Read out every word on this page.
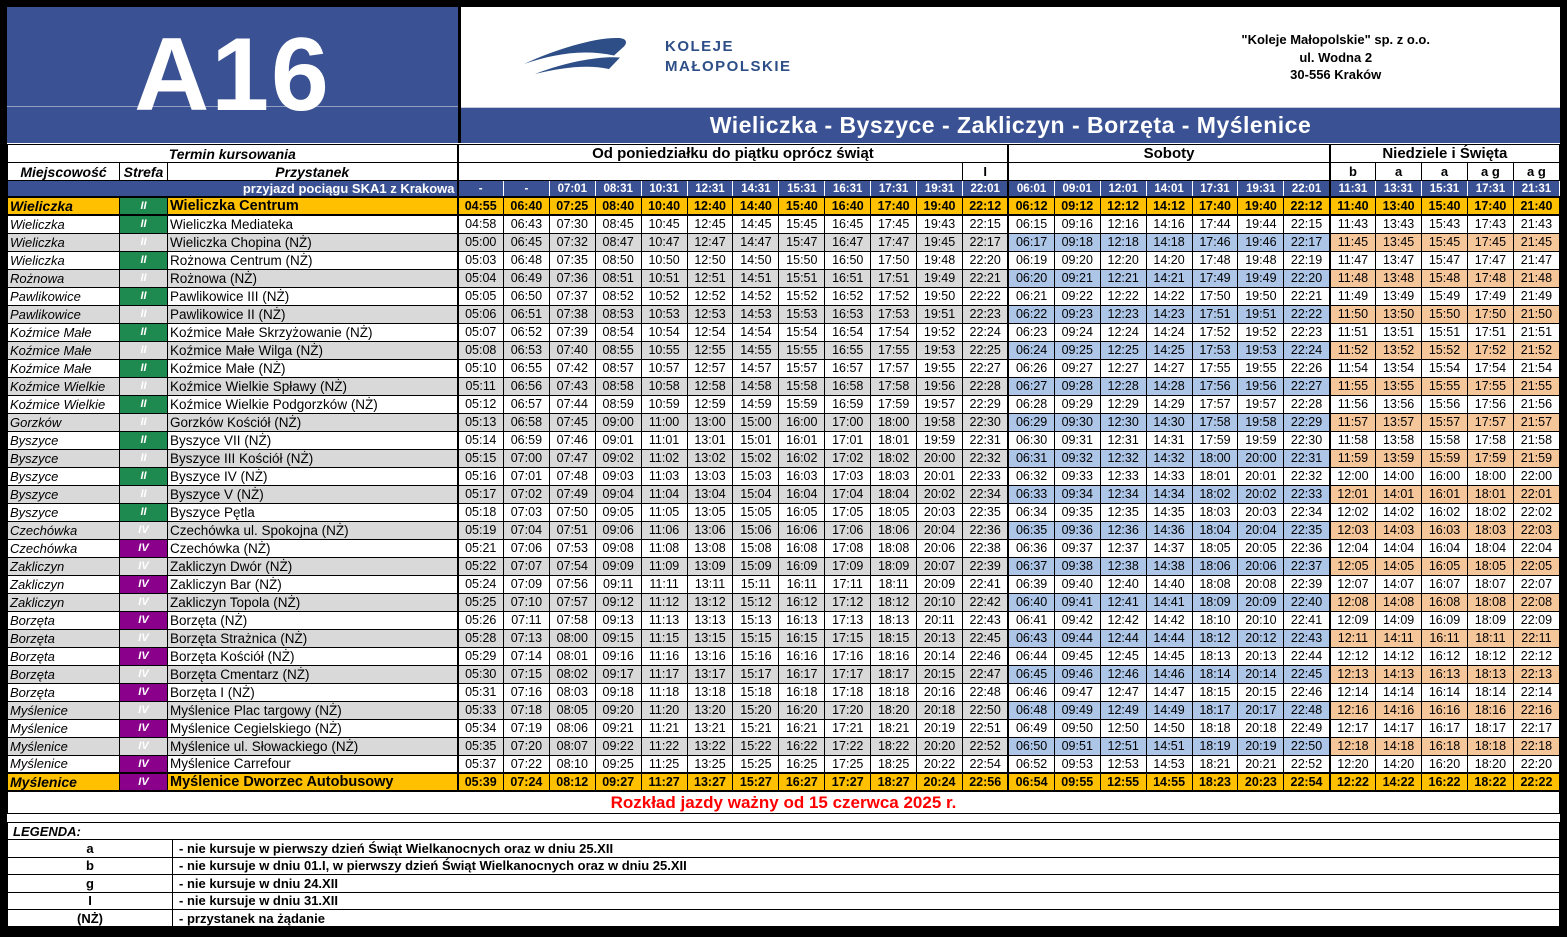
A16	KOLEJE
MAŁOPOLSKIE
"Koleje Małopolskie" sp. z o.o.
ul. Wodna 2
30-556 Kraków
Wieliczka - Byszyce - Zakliczyn - Borzęta - Myślenice
Termin kursowania			Od poniedziałku do piątku oprócz świąt												Soboty							Niedziele i Święta				
Miejscowość	Strefa	Przystanek												I								b	a	a	a g	a g
przyjazd pociągu SKA1 z Krakowa			-	-	07:01	08:31	10:31	12:31	14:31	15:31	16:31	17:31	19:31	22:01	06:01	09:01	12:01	14:01	17:31	19:31	22:01	11:31	13:31	15:31	17:31	21:31
Wieliczka	II	Wieliczka Centrum	04:55	06:40	07:25	08:40	10:40	12:40	14:40	15:40	16:40	17:40	19:40	22:12	06:12	09:12	12:12	14:12	17:40	19:40	22:12	11:40	13:40	15:40	17:40	21:40
Wieliczka	II	Wieliczka Mediateka	04:58	06:43	07:30	08:45	10:45	12:45	14:45	15:45	16:45	17:45	19:43	22:15	06:15	09:16	12:16	14:16	17:44	19:44	22:15	11:43	13:43	15:43	17:43	21:43
Wieliczka	II	Wieliczka Chopina (NŻ)	05:00	06:45	07:32	08:47	10:47	12:47	14:47	15:47	16:47	17:47	19:45	22:17	06:17	09:18	12:18	14:18	17:46	19:46	22:17	11:45	13:45	15:45	17:45	21:45
Wieliczka	II	Rożnowa Centrum (NŻ)	05:03	06:48	07:35	08:50	10:50	12:50	14:50	15:50	16:50	17:50	19:48	22:20	06:19	09:20	12:20	14:20	17:48	19:48	22:19	11:47	13:47	15:47	17:47	21:47
Rożnowa	II	Rożnowa (NŻ)	05:04	06:49	07:36	08:51	10:51	12:51	14:51	15:51	16:51	17:51	19:49	22:21	06:20	09:21	12:21	14:21	17:49	19:49	22:20	11:48	13:48	15:48	17:48	21:48
Pawlikowice	II	Pawlikowice III (NŻ)	05:05	06:50	07:37	08:52	10:52	12:52	14:52	15:52	16:52	17:52	19:50	22:22	06:21	09:22	12:22	14:22	17:50	19:50	22:21	11:49	13:49	15:49	17:49	21:49
Pawlikowice	II	Pawlikowice II (NŻ)	05:06	06:51	07:38	08:53	10:53	12:53	14:53	15:53	16:53	17:53	19:51	22:23	06:22	09:23	12:23	14:23	17:51	19:51	22:22	11:50	13:50	15:50	17:50	21:50
Koźmice Małe	II	Koźmice Małe Skrzyżowanie (NŻ)	05:07	06:52	07:39	08:54	10:54	12:54	14:54	15:54	16:54	17:54	19:52	22:24	06:23	09:24	12:24	14:24	17:52	19:52	22:23	11:51	13:51	15:51	17:51	21:51
Koźmice Małe	II	Koźmice Małe Wilga (NŻ)	05:08	06:53	07:40	08:55	10:55	12:55	14:55	15:55	16:55	17:55	19:53	22:25	06:24	09:25	12:25	14:25	17:53	19:53	22:24	11:52	13:52	15:52	17:52	21:52
Koźmice Małe	II	Koźmice Małe (NŻ)	05:10	06:55	07:42	08:57	10:57	12:57	14:57	15:57	16:57	17:57	19:55	22:27	06:26	09:27	12:27	14:27	17:55	19:55	22:26	11:54	13:54	15:54	17:54	21:54
Koźmice Wielkie	II	Koźmice Wielkie Spławy (NŻ)	05:11	06:56	07:43	08:58	10:58	12:58	14:58	15:58	16:58	17:58	19:56	22:28	06:27	09:28	12:28	14:28	17:56	19:56	22:27	11:55	13:55	15:55	17:55	21:55
Koźmice Wielkie	II	Koźmice Wielkie Podgorzków (NŻ)	05:12	06:57	07:44	08:59	10:59	12:59	14:59	15:59	16:59	17:59	19:57	22:29	06:28	09:29	12:29	14:29	17:57	19:57	22:28	11:56	13:56	15:56	17:56	21:56
Gorzków	II	Gorzków Kościół (NŻ)	05:13	06:58	07:45	09:00	11:00	13:00	15:00	16:00	17:00	18:00	19:58	22:30	06:29	09:30	12:30	14:30	17:58	19:58	22:29	11:57	13:57	15:57	17:57	21:57
Byszyce	II	Byszyce VII (NŻ)	05:14	06:59	07:46	09:01	11:01	13:01	15:01	16:01	17:01	18:01	19:59	22:31	06:30	09:31	12:31	14:31	17:59	19:59	22:30	11:58	13:58	15:58	17:58	21:58
Byszyce	II	Byszyce III Kościół (NŻ)	05:15	07:00	07:47	09:02	11:02	13:02	15:02	16:02	17:02	18:02	20:00	22:32	06:31	09:32	12:32	14:32	18:00	20:00	22:31	11:59	13:59	15:59	17:59	21:59
Byszyce	II	Byszyce IV (NŻ)	05:16	07:01	07:48	09:03	11:03	13:03	15:03	16:03	17:03	18:03	20:01	22:33	06:32	09:33	12:33	14:33	18:01	20:01	22:32	12:00	14:00	16:00	18:00	22:00
Byszyce	II	Byszyce V (NŻ)	05:17	07:02	07:49	09:04	11:04	13:04	15:04	16:04	17:04	18:04	20:02	22:34	06:33	09:34	12:34	14:34	18:02	20:02	22:33	12:01	14:01	16:01	18:01	22:01
Byszyce	II	Byszyce Pętla	05:18	07:03	07:50	09:05	11:05	13:05	15:05	16:05	17:05	18:05	20:03	22:35	06:34	09:35	12:35	14:35	18:03	20:03	22:34	12:02	14:02	16:02	18:02	22:02
Czechówka	IV	Czechówka ul. Spokojna (NŻ)	05:19	07:04	07:51	09:06	11:06	13:06	15:06	16:06	17:06	18:06	20:04	22:36	06:35	09:36	12:36	14:36	18:04	20:04	22:35	12:03	14:03	16:03	18:03	22:03
Czechówka	IV	Czechówka (NŻ)	05:21	07:06	07:53	09:08	11:08	13:08	15:08	16:08	17:08	18:08	20:06	22:38	06:36	09:37	12:37	14:37	18:05	20:05	22:36	12:04	14:04	16:04	18:04	22:04
Zakliczyn	IV	Zakliczyn Dwór (NŻ)	05:22	07:07	07:54	09:09	11:09	13:09	15:09	16:09	17:09	18:09	20:07	22:39	06:37	09:38	12:38	14:38	18:06	20:06	22:37	12:05	14:05	16:05	18:05	22:05
Zakliczyn	IV	Zakliczyn Bar (NŻ)	05:24	07:09	07:56	09:11	11:11	13:11	15:11	16:11	17:11	18:11	20:09	22:41	06:39	09:40	12:40	14:40	18:08	20:08	22:39	12:07	14:07	16:07	18:07	22:07
Zakliczyn	IV	Zakliczyn Topola (NŻ)	05:25	07:10	07:57	09:12	11:12	13:12	15:12	16:12	17:12	18:12	20:10	22:42	06:40	09:41	12:41	14:41	18:09	20:09	22:40	12:08	14:08	16:08	18:08	22:08
Borzęta	IV	Borzęta (NŻ)	05:26	07:11	07:58	09:13	11:13	13:13	15:13	16:13	17:13	18:13	20:11	22:43	06:41	09:42	12:42	14:42	18:10	20:10	22:41	12:09	14:09	16:09	18:09	22:09
Borzęta	IV	Borzęta Strażnica (NŻ)	05:28	07:13	08:00	09:15	11:15	13:15	15:15	16:15	17:15	18:15	20:13	22:45	06:43	09:44	12:44	14:44	18:12	20:12	22:43	12:11	14:11	16:11	18:11	22:11
Borzęta	IV	Borzęta Kościół (NŻ)	05:29	07:14	08:01	09:16	11:16	13:16	15:16	16:16	17:16	18:16	20:14	22:46	06:44	09:45	12:45	14:45	18:13	20:13	22:44	12:12	14:12	16:12	18:12	22:12
Borzęta	IV	Borzęta Cmentarz (NŻ)	05:30	07:15	08:02	09:17	11:17	13:17	15:17	16:17	17:17	18:17	20:15	22:47	06:45	09:46	12:46	14:46	18:14	20:14	22:45	12:13	14:13	16:13	18:13	22:13
Borzęta	IV	Borzęta I (NŻ)	05:31	07:16	08:03	09:18	11:18	13:18	15:18	16:18	17:18	18:18	20:16	22:48	06:46	09:47	12:47	14:47	18:15	20:15	22:46	12:14	14:14	16:14	18:14	22:14
Myślenice	IV	Myślenice Plac targowy (NŻ)	05:33	07:18	08:05	09:20	11:20	13:20	15:20	16:20	17:20	18:20	20:18	22:50	06:48	09:49	12:49	14:49	18:17	20:17	22:48	12:16	14:16	16:16	18:16	22:16
Myślenice	IV	Myślenice Cegielskiego (NŻ)	05:34	07:19	08:06	09:21	11:21	13:21	15:21	16:21	17:21	18:21	20:19	22:51	06:49	09:50	12:50	14:50	18:18	20:18	22:49	12:17	14:17	16:17	18:17	22:17
Myślenice	IV	Myślenice ul. Słowackiego (NŻ)	05:35	07:20	08:07	09:22	11:22	13:22	15:22	16:22	17:22	18:22	20:20	22:52	06:50	09:51	12:51	14:51	18:19	20:19	22:50	12:18	14:18	16:18	18:18	22:18
Myślenice	IV	Myślenice Carrefour	05:37	07:22	08:10	09:25	11:25	13:25	15:25	16:25	17:25	18:25	20:22	22:54	06:52	09:53	12:53	14:53	18:21	20:21	22:52	12:20	14:20	16:20	18:20	22:20
Myślenice	IV	Myślenice Dworzec Autobusowy	05:39	07:24	08:12	09:27	11:27	13:27	15:27	16:27	17:27	18:27	20:24	22:56	06:54	09:55	12:55	14:55	18:23	20:23	22:54	12:22	14:22	16:22	18:22	22:22
Rozkład jazdy ważny od 15 czerwca 2025 r.
LEGENDA:
a	- nie kursuje w pierwszy dzień Świąt Wielkanocnych oraz w dniu 25.XII
b	- nie kursuje w dniu 01.I, w pierwszy dzień Świąt Wielkanocnych oraz w dniu 25.XII
g	- nie kursuje w dniu 24.XII
I	- nie kursuje w dniu 31.XII
(NŻ)	- przystanek na żądanie
